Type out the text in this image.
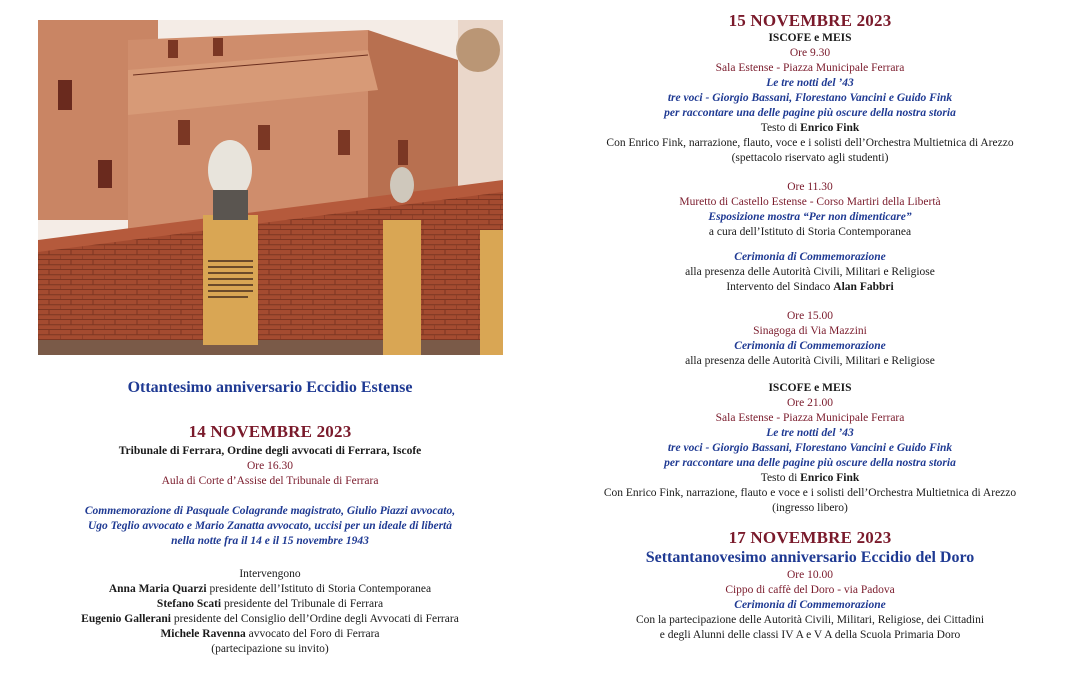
Ottantesimo anniversario Eccidio Estense
14 NOVEMBRE 2023
Tribunale di Ferrara, Ordine degli avvocati di Ferrara, Iscofe
Ore 16.30
Aula di Corte d’Assise del Tribunale di Ferrara
Commemorazione di Pasquale Colagrande magistrato, Giulio Piazzi avvocato,
Ugo Teglio avvocato e Mario Zanatta avvocato, uccisi per un ideale di libertà
nella notte fra il 14 e il 15 novembre 1943
Intervengono
Anna Maria Quarzi presidente dell’Istituto di Storia Contemporanea
Stefano Scati presidente del Tribunale di Ferrara
Eugenio Gallerani presidente del Consiglio dell’Ordine degli Avvocati di Ferrara
Michele Ravenna avvocato del Foro di Ferrara
(partecipazione su invito)
15 NOVEMBRE 2023
ISCOFE e MEIS
Ore 9.30
Sala Estense - Piazza Municipale Ferrara
Le tre notti del ’43
tre voci - Giorgio Bassani, Florestano Vancini e Guido Fink
per raccontare una delle pagine più oscure della nostra storia
Testo di Enrico Fink
Con Enrico Fink, narrazione, flauto, voce e i solisti dell’Orchestra Multietnica di Arezzo
(spettacolo riservato agli studenti)
Ore 11.30
Muretto di Castello Estense - Corso Martiri della Libertà
Esposizione mostra “Per non dimenticare”
a cura dell’Istituto di Storia Contemporanea
Cerimonia di Commemorazione
alla presenza delle Autorità Civili, Militari e Religiose
Intervento del Sindaco Alan Fabbri
Ore 15.00
Sinagoga di Via Mazzini
Cerimonia di Commemorazione
alla presenza delle Autorità Civili, Militari e Religiose
ISCOFE e MEIS
Ore 21.00
Sala Estense - Piazza Municipale Ferrara
Le tre notti del ’43
tre voci - Giorgio Bassani, Florestano Vancini e Guido Fink
per raccontare una delle pagine più oscure della nostra storia
Testo di Enrico Fink
Con Enrico Fink, narrazione, flauto e voce e i solisti dell’Orchestra Multietnica di Arezzo
(ingresso libero)
17 NOVEMBRE 2023
Settantanovesimo anniversario Eccidio del Doro
Ore 10.00
Cippo di caffè del Doro - via Padova
Cerimonia di Commemorazione
Con la partecipazione delle Autorità Civili, Militari, Religiose, dei Cittadini
e degli Alunni delle classi IV A e V A della Scuola Primaria Doro
